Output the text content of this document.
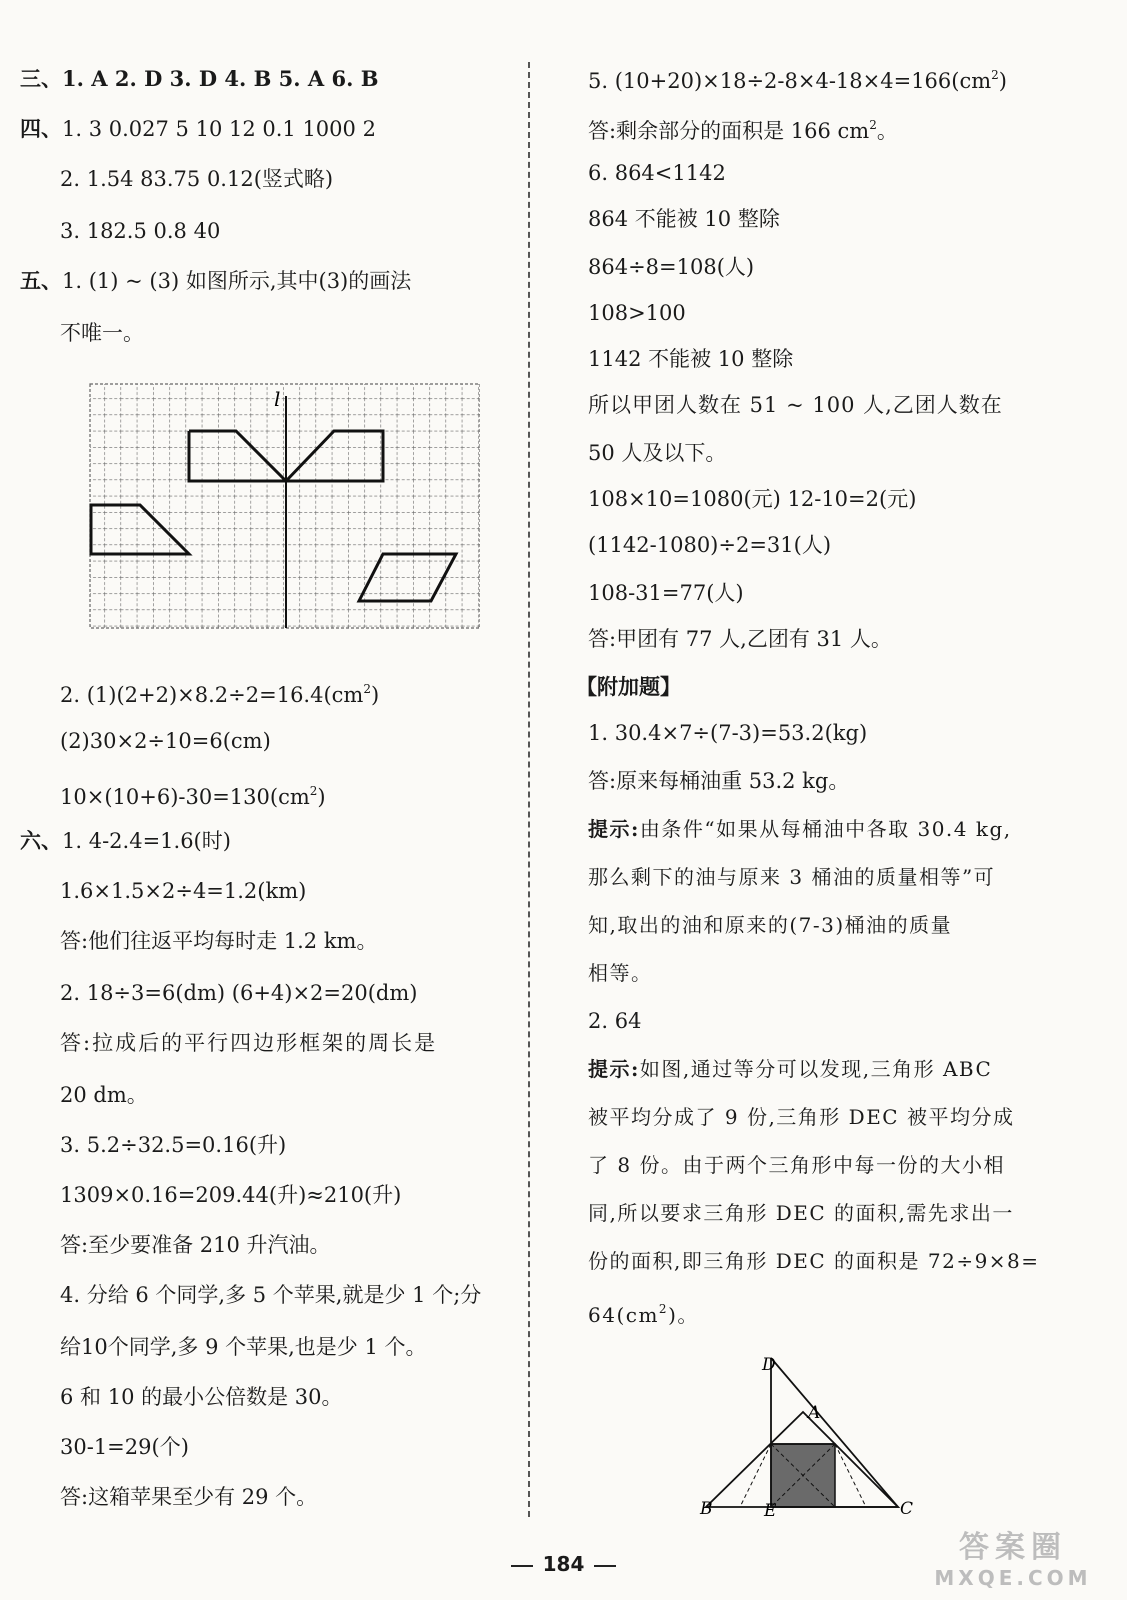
三、1. A 2. D 3. D 4. B 5. A 6. B
四、1. 3 0.027 5 10 12 0.1 1000 2
2. 1.54 83.75 0.12(竖式略)
3. 182.5 0.8 40
五、1. (1) ~ (3) 如图所示,其中(3)的画法
不唯一。
l
2. $(1)(2+2)\times 8.2\div 2=16.4(cm^2)$
(2)30×2÷10=6(cm)
$10\times(10+6)-30=130(cm^2)$
六、1. 4-2.4=1.6(时)
1.6×1.5×2÷4=1.2(km)
答:他们往返平均每时走 1.2 km。
2. 18÷3=6(dm) (6+4)×2=20(dm)
答:拉成后的平行四边形框架的周长是
20 dm。
3. 5.2÷32.5=0.16(升)
1309×0.16=209.44(升)≈210(升)
答:至少要准备 210 升汽油。
4. 分给 6 个同学,多 5 个苹果,就是少 1 个;分
给10个同学,多 9 个苹果,也是少 1 个。
6 和 10 的最小公倍数是 30。
30-1=29(个)
答:这箱苹果至少有 29 个。
5. $(10+20)\times 18\div 2-8\times 4-18\times 4=166(cm^2)$
答:剩余部分的面积是 166 $cm^2$。
6. 864<1142
864 不能被 10 整除
864÷8=108(人)
108>100
1142 不能被 10 整除
所以甲团人数在 51 ~ 100 人,乙团人数在
50 人及以下。
108×10=1080(元) 12-10=2(元)
(1142-1080)÷2=31(人)
108-31=77(人)
答:甲团有 77 人,乙团有 31 人。
【附加题】
1. 30.4×7÷(7-3)=53.2(kg)
答:原来每桶油重 53.2 kg。
提示:由条件“如果从每桶油中各取 30.4 kg,
那么剩下的油与原来 3 桶油的质量相等”可
知,取出的油和原来的(7-3)桶油的质量
相等。
2. 64
提示:如图,通过等分可以发现,三角形 ABC
被平均分成了 9 份,三角形 DEC 被平均分成
了 8 份。由于两个三角形中每一份的大小相
同,所以要求三角形 DEC 的面积,需先求出一
份的面积,即三角形 DEC 的面积是 72÷9×8=
$64(cm^2)$。
D
A
B	E	C
184	答案圈
MXQE.COM
